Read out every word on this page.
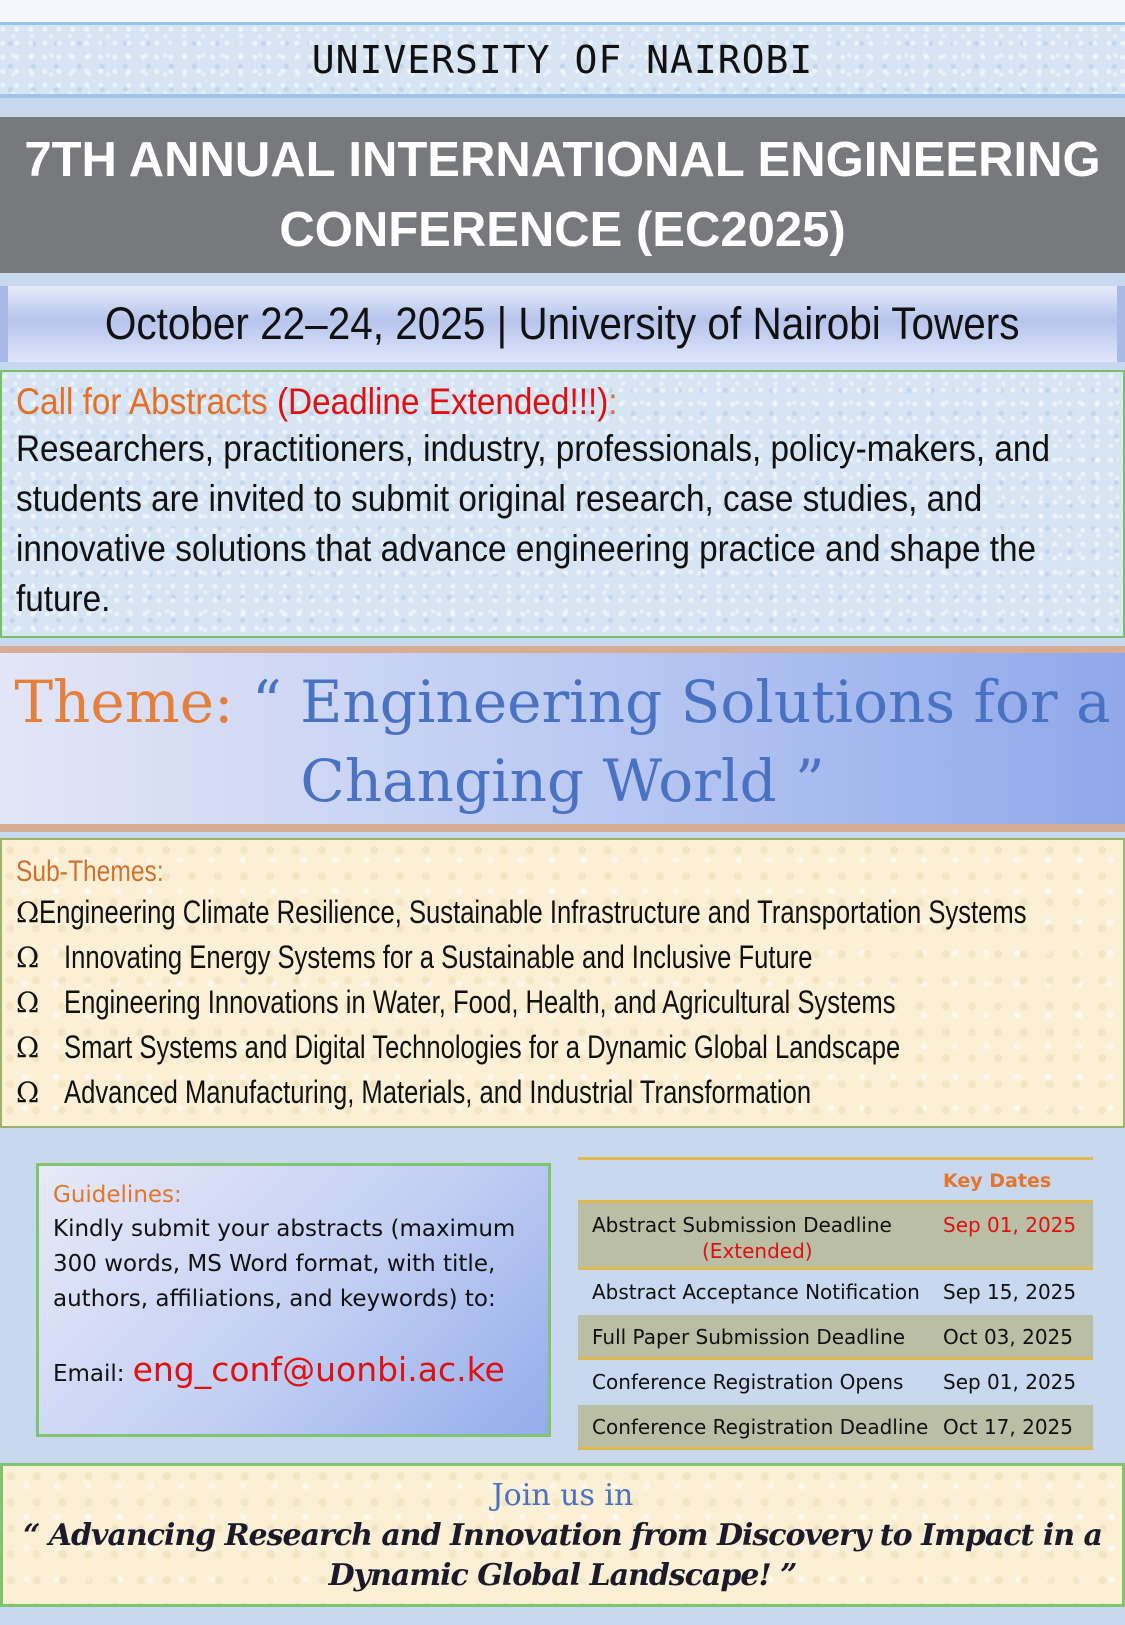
UNIVERSITY OF NAIROBI
7TH ANNUAL INTERNATIONAL ENGINEERING CONFERENCE (EC2025)
October 22–24, 2025 | University of Nairobi Towers
Call for Abstracts (Deadline Extended!!!):
Researchers, practitioners, industry, professionals, policy-makers, and students are invited to submit original research, case studies, and innovative solutions that advance engineering practice and shape the future.
Theme: “ Engineering Solutions for a Changing World ”
Sub-Themes:
Ω Engineering Climate Resilience, Sustainable Infrastructure and Transportation Systems
Ω Innovating Energy Systems for a Sustainable and Inclusive Future
Ω Engineering Innovations in Water, Food, Health, and Agricultural Systems
Ω Smart Systems and Digital Technologies for a Dynamic Global Landscape
Ω Advanced Manufacturing, Materials, and Industrial Transformation
Guidelines:
Kindly submit your abstracts (maximum 300 words, MS Word format, with title, authors, affiliations, and keywords) to:
Email: eng_conf@uonbi.ac.ke
Key Dates
Abstract Submission Deadline
(Extended)
Sep 01, 2025
Abstract Acceptance Notification Sep 15, 2025
Full Paper Submission Deadline Oct 03, 2025
Conference Registration Opens Sep 01, 2025
Conference Registration Deadline Oct 17, 2025
Join us in
“ Advancing Research and Innovation from Discovery to Impact in a Dynamic Global Landscape! ”
